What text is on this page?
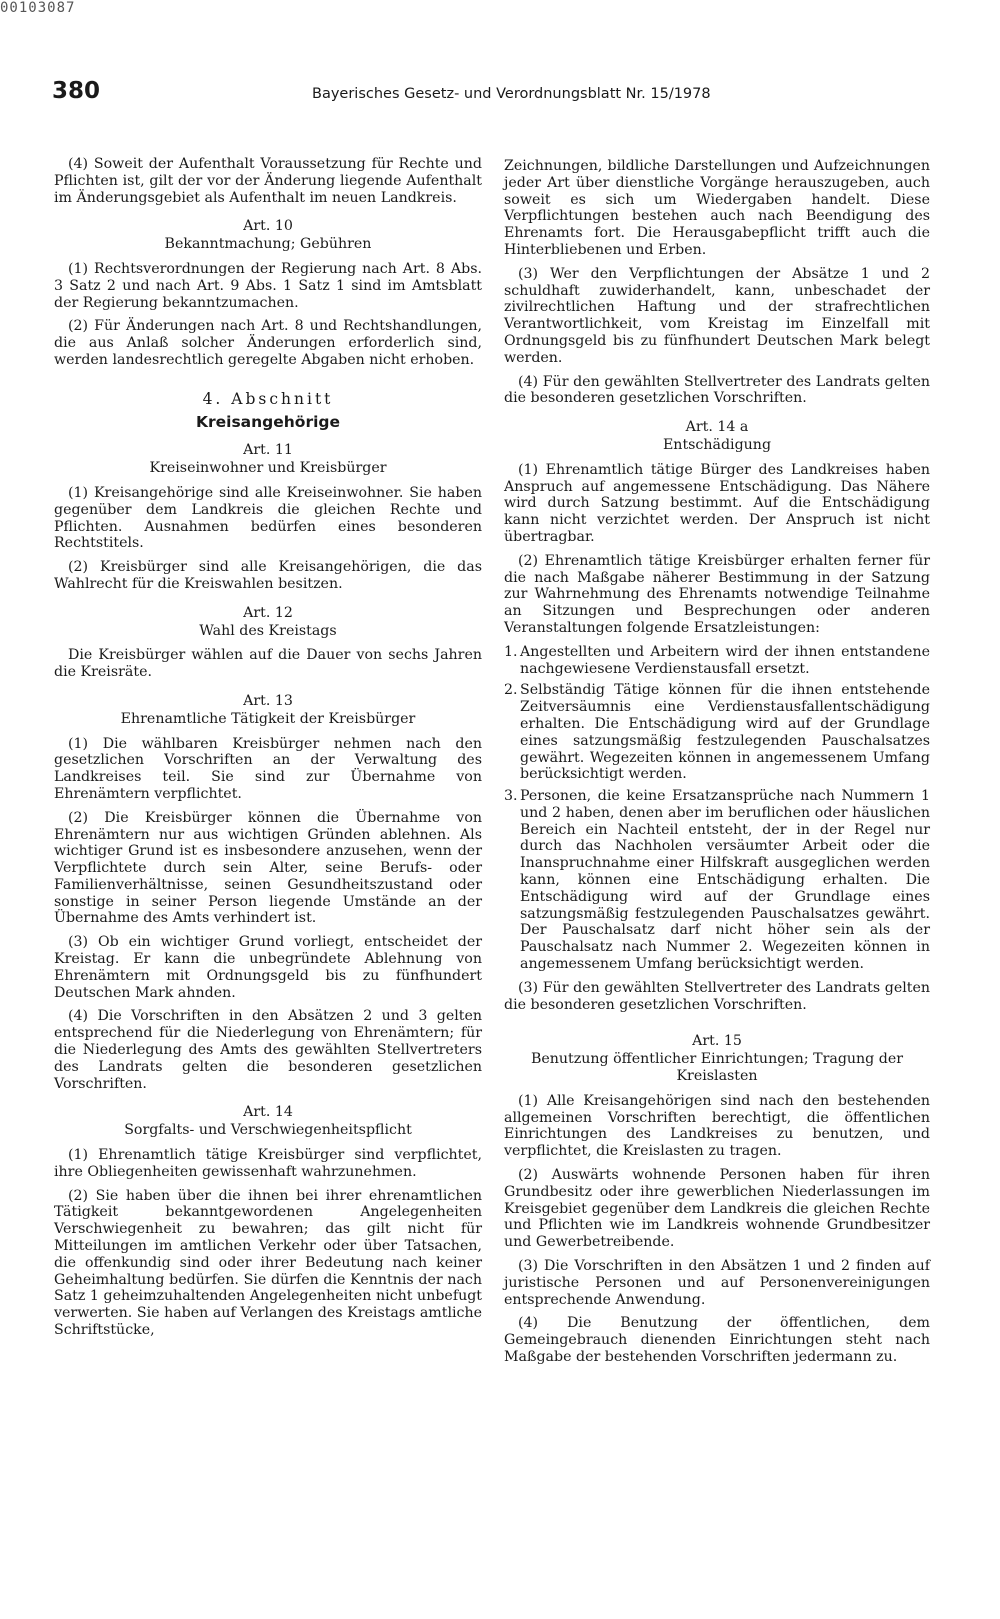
00103087
380	Bayerisches Gesetz- und Verordnungsblatt Nr. 15/1978

(4) Soweit der Aufenthalt Voraussetzung für Rechte und Pflichten ist, gilt der vor der Änderung liegende Aufenthalt im Änderungsgebiet als Aufenthalt im neuen Landkreis.

Art. 10
Bekanntmachung; Gebühren

(1) Rechtsverordnungen der Regierung nach Art. 8 Abs. 3 Satz 2 und nach Art. 9 Abs. 1 Satz 1 sind im Amtsblatt der Regierung bekanntzumachen.

(2) Für Änderungen nach Art. 8 und Rechtshandlungen, die aus Anlaß solcher Änderungen erforderlich sind, werden landesrechtlich geregelte Abgaben nicht erhoben.

4. Abschnitt
Kreisangehörige
Art. 11
Kreiseinwohner und Kreisbürger

(1) Kreisangehörige sind alle Kreiseinwohner. Sie haben gegenüber dem Landkreis die gleichen Rechte und Pflichten. Ausnahmen bedürfen eines besonderen Rechtstitels.

(2) Kreisbürger sind alle Kreisangehörigen, die das Wahlrecht für die Kreiswahlen besitzen.

Art. 12
Wahl des Kreistags

Die Kreisbürger wählen auf die Dauer von sechs Jahren die Kreisräte.

Art. 13
Ehrenamtliche Tätigkeit der Kreisbürger

(1) Die wählbaren Kreisbürger nehmen nach den gesetzlichen Vorschriften an der Verwaltung des Landkreises teil. Sie sind zur Übernahme von Ehrenämtern verpflichtet.

(2) Die Kreisbürger können die Übernahme von Ehrenämtern nur aus wichtigen Gründen ablehnen. Als wichtiger Grund ist es insbesondere anzusehen, wenn der Verpflichtete durch sein Alter, seine Berufs- oder Familienverhältnisse, seinen Gesundheitszustand oder sonstige in seiner Person liegende Umstände an der Übernahme des Amts verhindert ist.

(3) Ob ein wichtiger Grund vorliegt, entscheidet der Kreistag. Er kann die unbegründete Ablehnung von Ehrenämtern mit Ordnungsgeld bis zu fünfhundert Deutschen Mark ahnden.

(4) Die Vorschriften in den Absätzen 2 und 3 gelten entsprechend für die Niederlegung von Ehrenämtern; für die Niederlegung des Amts des gewählten Stellvertreters des Landrats gelten die besonderen gesetzlichen Vorschriften.

Art. 14
Sorgfalts- und Verschwiegenheitspflicht

(1) Ehrenamtlich tätige Kreisbürger sind verpflichtet, ihre Obliegenheiten gewissenhaft wahrzunehmen.

(2) Sie haben über die ihnen bei ihrer ehrenamtlichen Tätigkeit bekanntgewordenen Angelegenheiten Verschwiegenheit zu bewahren; das gilt nicht für Mitteilungen im amtlichen Verkehr oder über Tatsachen, die offenkundig sind oder ihrer Bedeutung nach keiner Geheimhaltung bedürfen. Sie dürfen die Kenntnis der nach Satz 1 geheimzuhaltenden Angelegenheiten nicht unbefugt verwerten. Sie haben auf Verlangen des Kreistags amtliche Schriftstücke,

Zeichnungen, bildliche Darstellungen und Aufzeichnungen jeder Art über dienstliche Vorgänge herauszugeben, auch soweit es sich um Wiedergaben handelt. Diese Verpflichtungen bestehen auch nach Beendigung des Ehrenamts fort. Die Herausgabepflicht trifft auch die Hinterbliebenen und Erben.

(3) Wer den Verpflichtungen der Absätze 1 und 2 schuldhaft zuwiderhandelt, kann, unbeschadet der zivilrechtlichen Haftung und der strafrechtlichen Verantwortlichkeit, vom Kreistag im Einzelfall mit Ordnungsgeld bis zu fünfhundert Deutschen Mark belegt werden.

(4) Für den gewählten Stellvertreter des Landrats gelten die besonderen gesetzlichen Vorschriften.

Art. 14 a
Entschädigung

(1) Ehrenamtlich tätige Bürger des Landkreises haben Anspruch auf angemessene Entschädigung. Das Nähere wird durch Satzung bestimmt. Auf die Entschädigung kann nicht verzichtet werden. Der Anspruch ist nicht übertragbar.

(2) Ehrenamtlich tätige Kreisbürger erhalten ferner für die nach Maßgabe näherer Bestimmung in der Satzung zur Wahrnehmung des Ehrenamts notwendige Teilnahme an Sitzungen und Besprechungen oder anderen Veranstaltungen folgende Ersatzleistungen:

1. Angestellten und Arbeitern wird der ihnen entstandene nachgewiesene Verdienstausfall ersetzt.
2. Selbständig Tätige können für die ihnen entstehende Zeitversäumnis eine Verdienstausfallentschädigung erhalten. Die Entschädigung wird auf der Grundlage eines satzungsmäßig festzulegenden Pauschalsatzes gewährt. Wegezeiten können in angemessenem Umfang berücksichtigt werden.
3. Personen, die keine Ersatzansprüche nach Nummern 1 und 2 haben, denen aber im beruflichen oder häuslichen Bereich ein Nachteil entsteht, der in der Regel nur durch das Nachholen versäumter Arbeit oder die Inanspruchnahme einer Hilfskraft ausgeglichen werden kann, können eine Entschädigung erhalten. Die Entschädigung wird auf der Grundlage eines satzungsmäßig festzulegenden Pauschalsatzes gewährt. Der Pauschalsatz darf nicht höher sein als der Pauschalsatz nach Nummer 2. Wegezeiten können in angemessenem Umfang berücksichtigt werden.

(3) Für den gewählten Stellvertreter des Landrats gelten die besonderen gesetzlichen Vorschriften.

Art. 15
Benutzung öffentlicher Einrichtungen; Tragung der Kreislasten

(1) Alle Kreisangehörigen sind nach den bestehenden allgemeinen Vorschriften berechtigt, die öffentlichen Einrichtungen des Landkreises zu benutzen, und verpflichtet, die Kreislasten zu tragen.

(2) Auswärts wohnende Personen haben für ihren Grundbesitz oder ihre gewerblichen Niederlassungen im Kreisgebiet gegenüber dem Landkreis die gleichen Rechte und Pflichten wie im Landkreis wohnende Grundbesitzer und Gewerbetreibende.

(3) Die Vorschriften in den Absätzen 1 und 2 finden auf juristische Personen und auf Personenvereinigungen entsprechende Anwendung.

(4) Die Benutzung der öffentlichen, dem Gemeingebrauch dienenden Einrichtungen steht nach Maßgabe der bestehenden Vorschriften jedermann zu.
